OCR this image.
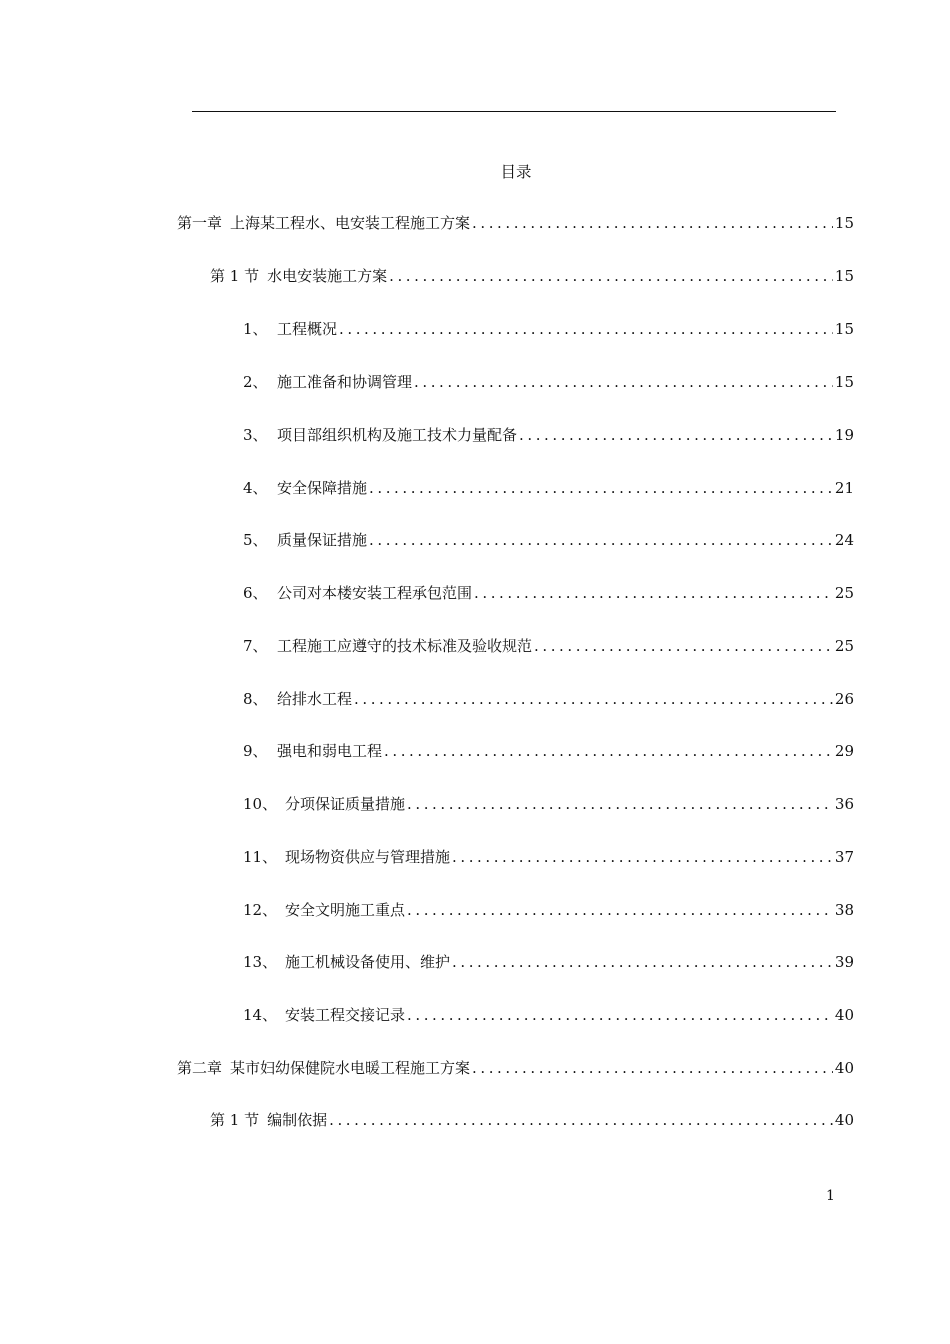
目录
第一章 上海某工程水、电安装工程施工方案 . . .	15
第 1 节 水电安装施工方案 . . .	15
1、 工程概况 . . .	15
2、 施工准备和协调管理 . . .	15
3、 项目部组织机构及施工技术力量配备 . . .	19
4、 安全保障措施 . . .	21
5、 质量保证措施 . . .	24
6、 公司对本楼安装工程承包范围 . . .	25
7、 工程施工应遵守的技术标准及验收规范 . . .	25
8、 给排水工程 . . .	26
9、 强电和弱电工程 . . .	29
10、 分项保证质量措施 . . .	36
11、 现场物资供应与管理措施 . . .	37
12、 安全文明施工重点 . . .	38
13、 施工机械设备使用、维护 . . .	39
14、 安装工程交接记录 . . .	40
第二章 某市妇幼保健院水电暖工程施工方案 . . .	40
第 1 节 编制依据 . . .	40
1
